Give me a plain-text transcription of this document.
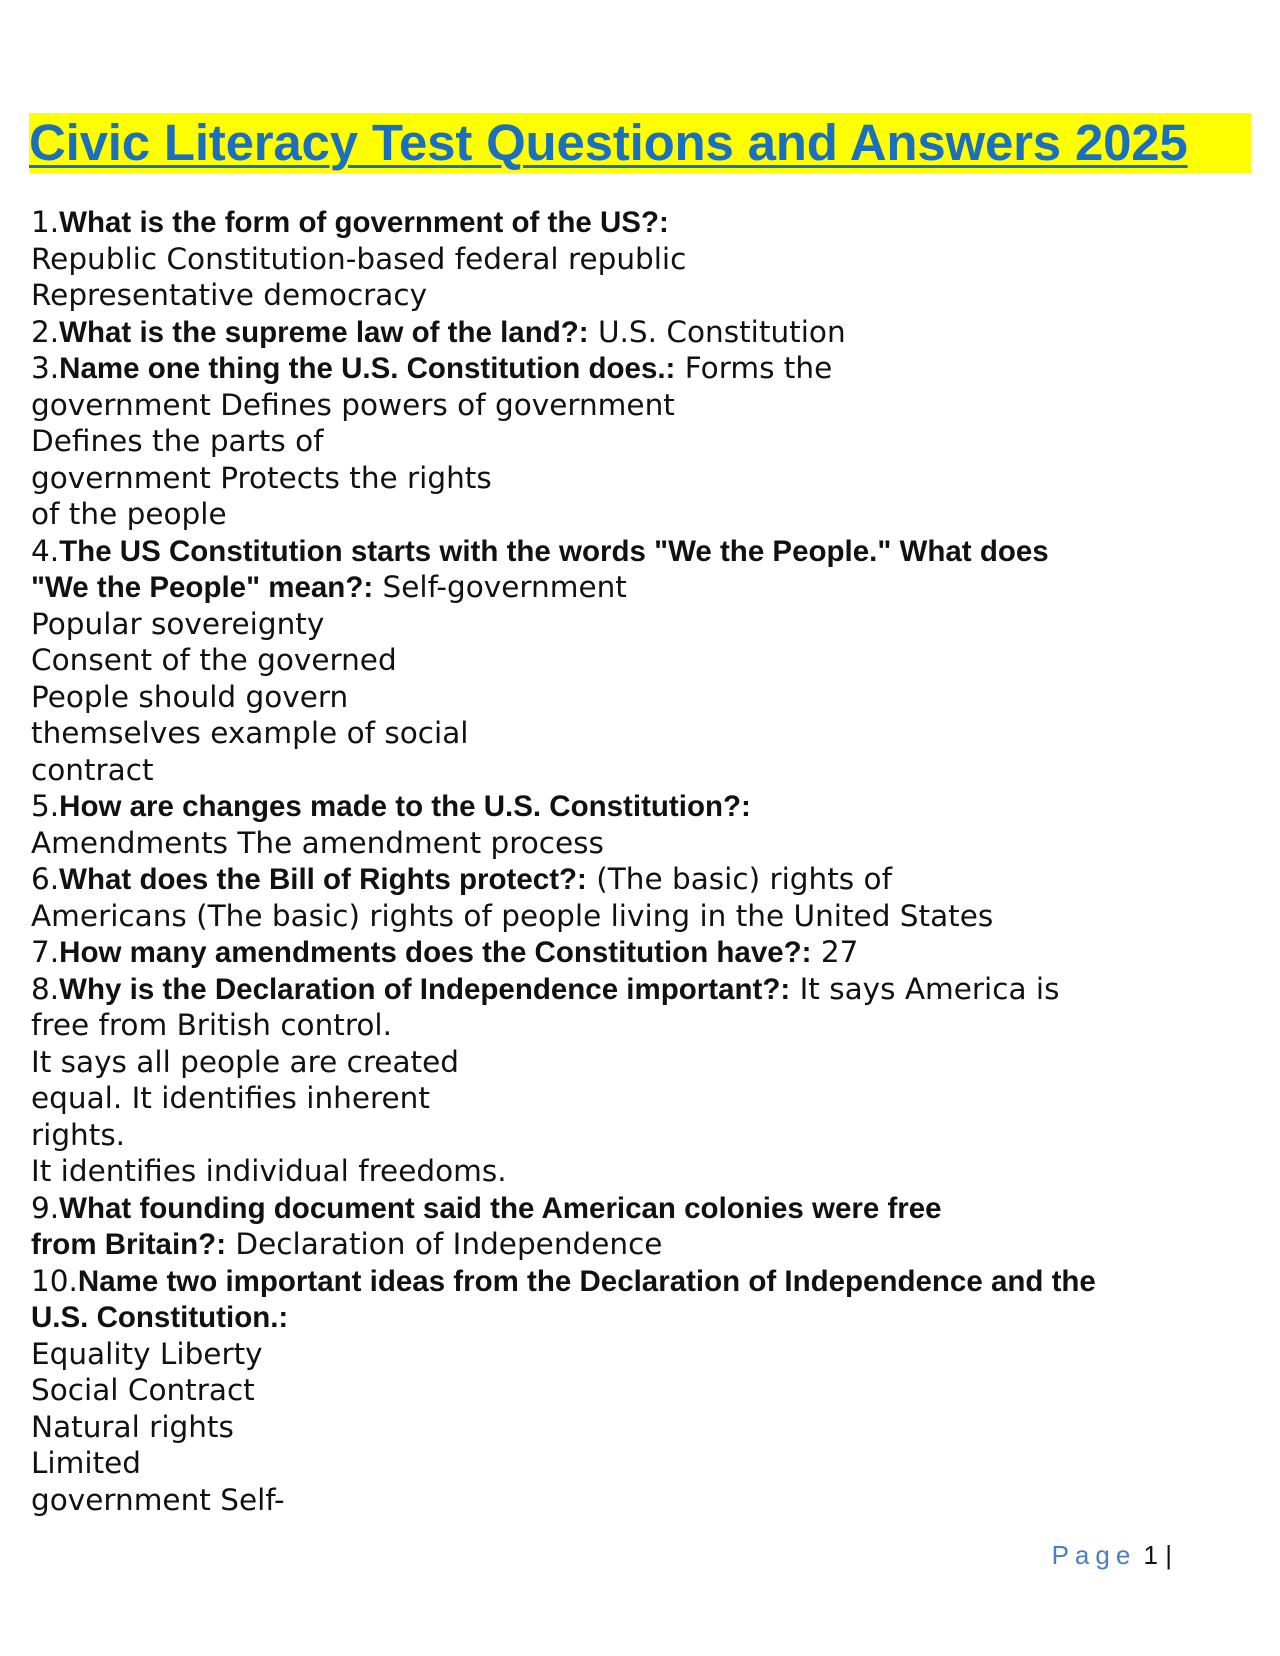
Civic Literacy Test Questions and Answers 2025
1.What is the form of government of the US?:
Republic Constitution-based federal republic
Representative democracy
2.What is the supreme law of the land?: U.S. Constitution
3.Name one thing the U.S. Constitution does.: Forms the
government Defines powers of government
Defines the parts of
government Protects the rights
of the people
4.The US Constitution starts with the words "We the People." What does
"We the People" mean?: Self-government
Popular sovereignty
Consent of the governed
People should govern
themselves example of social
contract
5.How are changes made to the U.S. Constitution?:
Amendments The amendment process
6.What does the Bill of Rights protect?: (The basic) rights of
Americans (The basic) rights of people living in the United States
7.How many amendments does the Constitution have?: 27
8.Why is the Declaration of Independence important?: It says America is
free from British control.
It says all people are created
equal. It identifies inherent
rights.
It identifies individual freedoms.
9.What founding document said the American colonies were free
from Britain?: Declaration of Independence
10.Name two important ideas from the Declaration of Independence and the
U.S. Constitution.:
Equality Liberty
Social Contract
Natural rights
Limited
government Self-
Page 1 |
